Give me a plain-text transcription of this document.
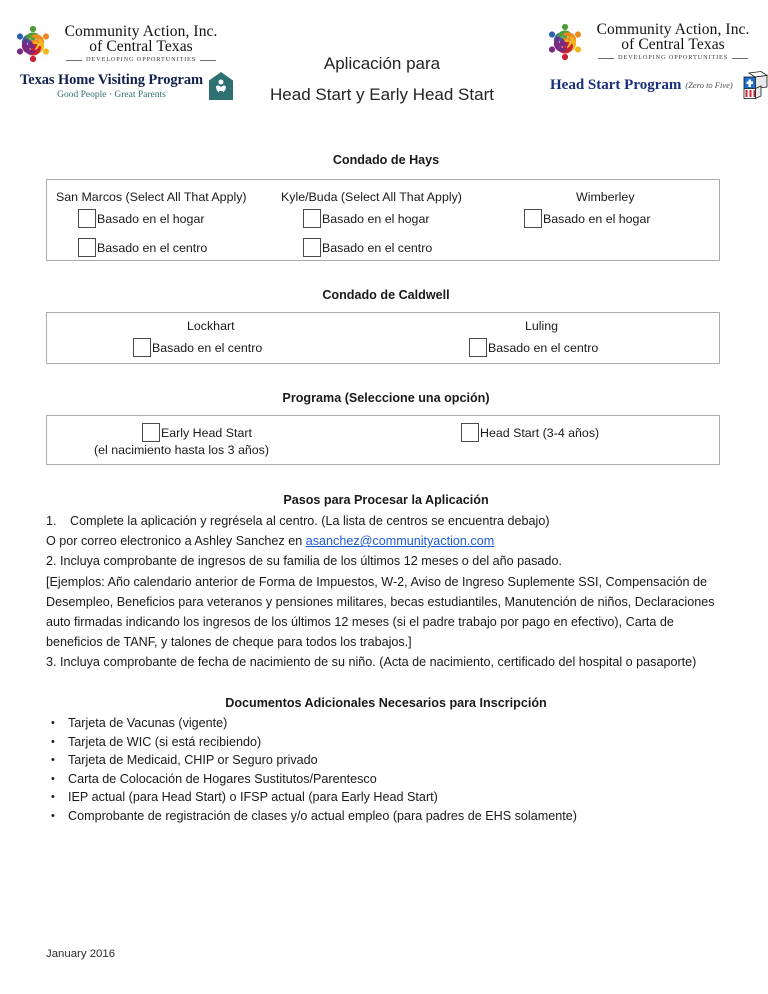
Community Action, Inc.
of Central Texas
DEVELOPING OPPORTUNITIES
Texas Home Visiting Program
Good People · Great Parents
Aplicación para
Head Start y Early Head Start
Community Action, Inc.
of Central Texas
DEVELOPING OPPORTUNITIES
Head Start Program (Zero to Five)
Condado de Hays
San Marcos (Select All That Apply)
Basado en el hogar
Basado en el centro
Kyle/Buda (Select All That Apply)
Basado en el hogar
Basado en el centro
Wimberley
Basado en el hogar
Condado de Caldwell
Lockhart
Basado en el centro
Luling
Basado en el centro
Programa (Seleccione una opción)
Early Head Start
(el nacimiento hasta los 3 años)
Head Start (3-4 años)
Pasos para Procesar la Aplicación
1. Complete la aplicación y regrésela al centro. (La lista de centros se encuentra debajo)
O por correo electronico a Ashley Sanchez en asanchez@communityaction.com
2. Incluya comprobante de ingresos de su familia de los últimos 12 meses o del año pasado.
[Ejemplos: Año calendario anterior de Forma de Impuestos, W-2, Aviso de Ingreso Suplemente SSI, Compensación de Desempleo, Beneficios para veteranos y pensiones militares, becas estudiantiles, Manutención de niños, Declaraciones auto firmadas indicando los ingresos de los últimos 12 meses (si el padre trabajo por pago en efectivo), Carta de beneficios de TANF, y talones de cheque para todos los trabajos.]
3. Incluya comprobante de fecha de nacimiento de su niño. (Acta de nacimiento, certificado del hospital o pasaporte)
Documentos Adicionales Necesarios para Inscripción
•	Tarjeta de Vacunas (vigente)
•	Tarjeta de WIC (si está recibiendo)
•	Tarjeta de Medicaid, CHIP or Seguro privado
•	Carta de Colocación de Hogares Sustitutos/Parentesco
•	IEP actual (para Head Start) o IFSP actual (para Early Head Start)
•	Comprobante de registración de clases y/o actual empleo (para padres de EHS solamente)
January 2016
